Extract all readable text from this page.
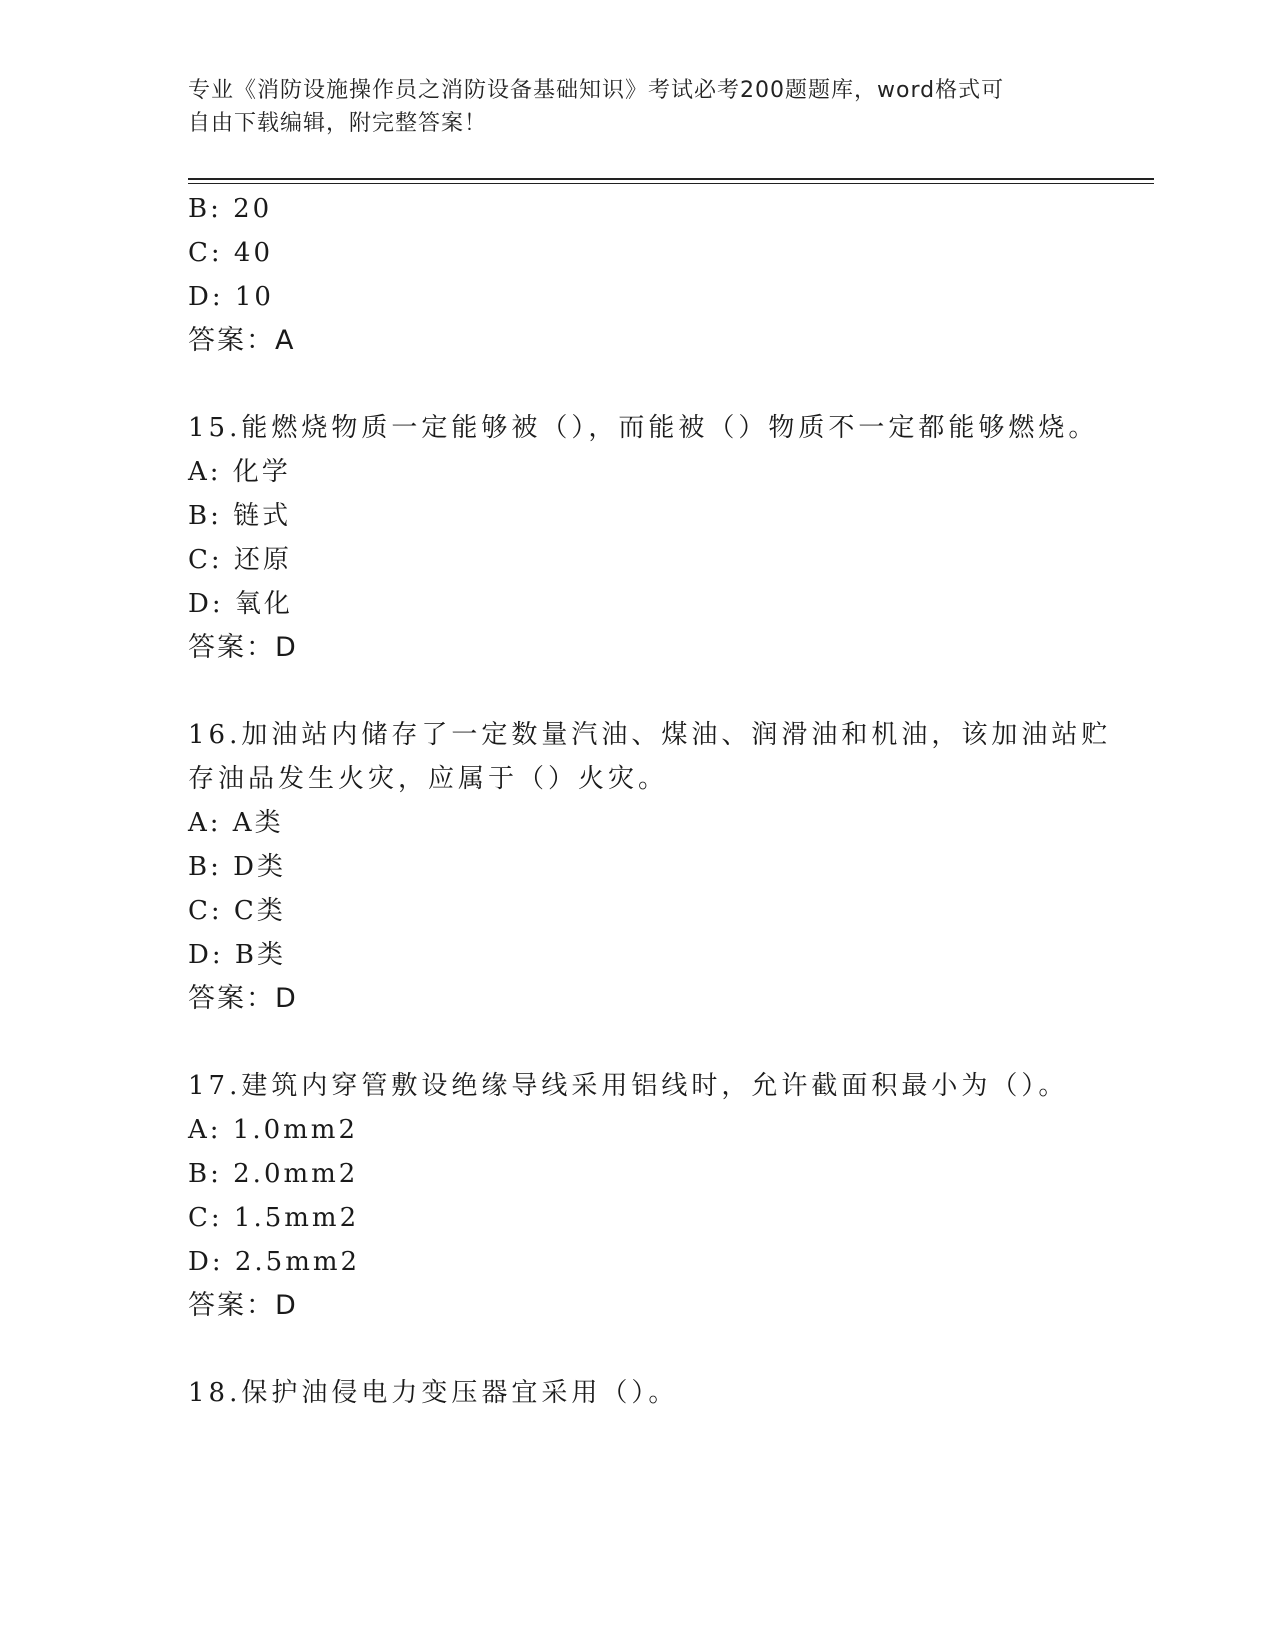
专业《消防设施操作员之消防设备基础知识》考试必考200题题库，word格式可
自由下载编辑，附完整答案！
B: 20
C: 40
D: 10
答案：A
15.能燃烧物质一定能够被（），而能被（）物质不一定都能够燃烧。
A: 化学
B: 链式
C: 还原
D: 氧化
答案：D
16.加油站内储存了一定数量汽油、煤油、润滑油和机油，该加油站贮
存油品发生火灾，应属于（）火灾。
A: A类
B: D类
C: C类
D: B类
答案：D
17.建筑内穿管敷设绝缘导线采用铝线时，允许截面积最小为（）。
A: 1.0mm2
B: 2.0mm2
C: 1.5mm2
D: 2.5mm2
答案：D
18.保护油侵电力变压器宜采用（）。
